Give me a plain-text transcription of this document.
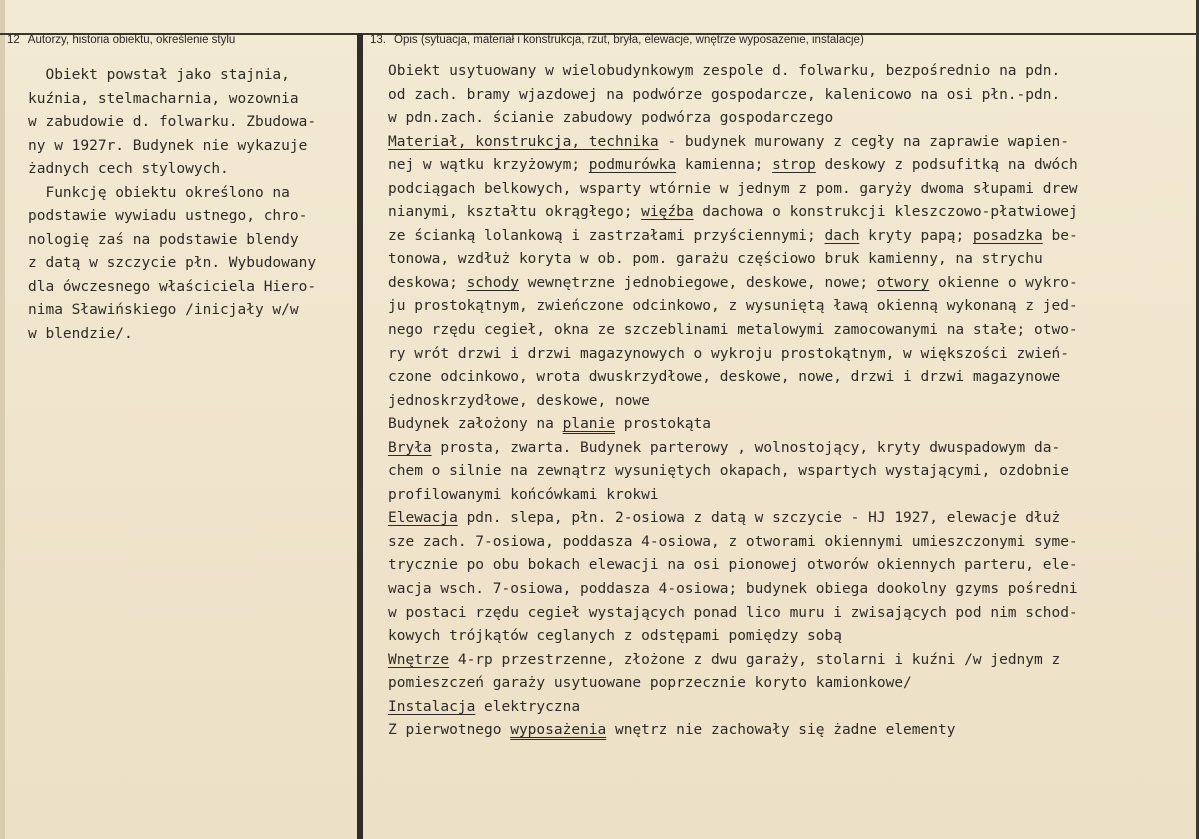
12 Autorzy, historia obiektu, określenie stylu	13. Opis (sytuacja, materiał i konstrukcja, rzut, bryła, elewacje, wnętrze wyposażenie, instalacje)
Obiekt powstał jako stajnia,
kuźnia, stelmacharnia, wozownia
w zabudowie d. folwarku. Zbudowa-
ny w 1927r. Budynek nie wykazuje
żadnych cech stylowych.
Funkcję obiektu określono na
podstawie wywiadu ustnego, chro-
nologię zaś na podstawie blendy
z datą w szczycie płn. Wybudowany
dla ówczesnego właściciela Hiero-
nima Sławińskiego /inicjały w/w
w blendzie/.
Obiekt usytuowany w wielobudynkowym zespole d. folwarku, bezpośrednio na pdn.
od zach. bramy wjazdowej na podwórze gospodarcze, kalenicowo na osi płn.-pdn.
w pdn.zach. ścianie zabudowy podwórza gospodarczego
Materiał, konstrukcja, technika - budynek murowany z cegły na zaprawie wapien-
nej w wątku krzyżowym; podmurówka kamienna; strop deskowy z podsufitką na dwóch
podciągach belkowych, wsparty wtórnie w jednym z pom. garyży dwoma słupami drew
nianymi, kształtu okrągłego; więźba dachowa o konstrukcji kleszczowo-płatwiowej
ze ścianką lolankową i zastrzałami przyściennymi; dach kryty papą; posadzka be-
tonowa, wzdłuż koryta w ob. pom. garażu częściowo bruk kamienny, na strychu
deskowa; schody wewnętrzne jednobiegowe, deskowe, nowe; otwory okienne o wykro-
ju prostokątnym, zwieńczone odcinkowo, z wysuniętą ławą okienną wykonaną z jed-
nego rzędu cegieł, okna ze szczeblinami metalowymi zamocowanymi na stałe; otwo-
ry wrót drzwi i drzwi magazynowych o wykroju prostokątnym, w większości zwień-
czone odcinkowo, wrota dwuskrzydłowe, deskowe, nowe, drzwi i drzwi magazynowe
jednoskrzydłowe, deskowe, nowe
Budynek założony na planie prostokąta
Bryła prosta, zwarta. Budynek parterowy , wolnostojący, kryty dwuspadowym da-
chem o silnie na zewnątrz wysuniętych okapach, wspartych wystającymi, ozdobnie
profilowanymi końcówkami krokwi
Elewacja pdn. slepa, płn. 2-osiowa z datą w szczycie - HJ 1927, elewacje dłuż
sze zach. 7-osiowa, poddasza 4-osiowa, z otworami okiennymi umieszczonymi syme-
trycznie po obu bokach elewacji na osi pionowej otworów okiennych parteru, ele-
wacja wsch. 7-osiowa, poddasza 4-osiowa; budynek obiega dookolny gzyms pośredni
w postaci rzędu cegieł wystających ponad lico muru i zwisających pod nim schod-
kowych trójkątów ceglanych z odstępami pomiędzy sobą
Wnętrze 4-rp przestrzenne, złożone z dwu garaży, stolarni i kuźni /w jednym z
pomieszczeń garaży usytuowane poprzecznie koryto kamionkowe/
Instalacja elektryczna
Z pierwotnego wyposażenia wnętrz nie zachowały się żadne elementy
